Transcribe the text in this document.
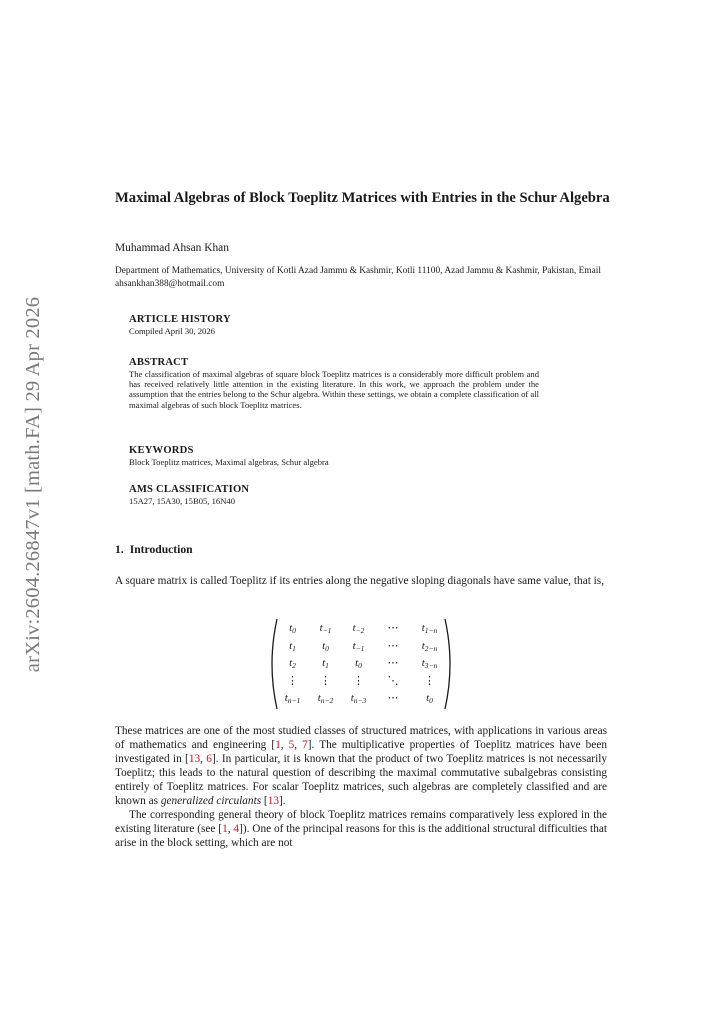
arXiv:2604.26847v1 [math.FA] 29 Apr 2026
Maximal Algebras of Block Toeplitz Matrices with Entries in the Schur Algebra
Muhammad Ahsan Khan
Department of Mathematics, University of Kotli Azad Jammu & Kashmir, Kotli 11100, Azad Jammu & Kashmir, Pakistan, Email ahsankhan388@hotmail.com
ARTICLE HISTORY
Compiled April 30, 2026
ABSTRACT
The classification of maximal algebras of square block Toeplitz matrices is a considerably more difficult problem and has received relatively little attention in the existing literature. In this work, we approach the problem under the assumption that the entries belong to the Schur algebra. Within these settings, we obtain a complete classification of all maximal algebras of such block Toeplitz matrices.
KEYWORDS
Block Toeplitz matrices, Maximal algebras, Schur algebra
AMS CLASSIFICATION
15A27, 15A30, 15B05, 16N40
1. Introduction
A square matrix is called Toeplitz if its entries along the negative sloping diagonals have same value, that is,
$t_0$	$t_{-1}$	$t_{-2}$	⋯	$t_{1-n}$
$t_1$	$t_0$	$t_{-1}$	⋯	$t_{2-n}$
$t_2$	$t_1$	$t_0$	⋯	$t_{3-n}$
⋮	⋮	⋮	⋱	⋮
$t_{n-1}$	$t_{n-2}$	$t_{n-3}$	⋯	$t_0$
These matrices are one of the most studied classes of structured matrices, with applications in various areas of mathematics and engineering [1, 5, 7]. The multiplicative properties of Toeplitz matrices have been investigated in [13, 6]. In particular, it is known that the product of two Toeplitz matrices is not necessarily Toeplitz; this leads to the natural question of describing the maximal commutative subalgebras consisting entirely of Toeplitz matrices. For scalar Toeplitz matrices, such algebras are completely classified and are known as generalized circulants [13].
The corresponding general theory of block Toeplitz matrices remains comparatively less explored in the existing literature (see [1, 4]). One of the principal reasons for this is the additional structural difficulties that arise in the block setting, which are not
